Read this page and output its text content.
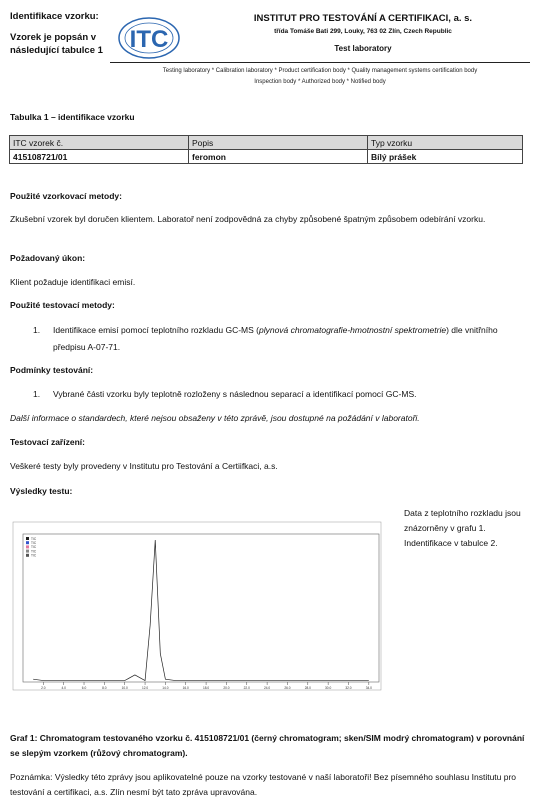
Identifikace vzorku:
Vzorek je popsán v následující tabulce 1	ITC
INSTITUT PRO TESTOVÁNÍ A CERTIFIKACI, a. s.
třída Tomáše Bati 299, Louky, 763 02 Zlín, Czech Republic
Test laboratory
Testing laboratory * Calibration laboratory * Product certification body * Quality management systems certification body
Inspection body * Authorized body * Notified body
Tabulka 1 – identifikace vzorku
ITC vzorek č.	Popis	Typ vzorku
415108721/01	feromon	Bílý prášek
Použité vzorkovací metody:
Zkušební vzorek byl doručen klientem. Laboratoř není zodpovědná za chyby způsobené špatným způsobem odebírání vzorku.
Požadovaný úkon:
Klient požaduje identifikaci emisí.
Použité testovací metody:
1. Identifikace emisí pomocí teplotního rozkladu GC-MS (plynová chromatografie-hmotnostní spektrometrie) dle vnitřního předpisu A-07-71.
Podmínky testování:
1. Vybrané části vzorku byly teplotně rozloženy s následnou separací a identifikací pomocí GC-MS.
Další informace o standardech, které nejsou obsaženy v této zprávě, jsou dostupné na požádání v laboratoři.
Testovací zařízení:
Veškeré testy byly provedeny v Institutu pro Testování a Certiifkaci, a.s.
Výsledky testu:
TIC
TIC
TIC
TIC
TIC
2.0	4.0	6.0	8.0	10.0	12.0	14.0	16.0	18.0	20.0	22.0	24.0	26.0	28.0	30.0	32.0	34.0
Data z teplotního rozkladu jsou znázorněny v grafu 1. Indentifikace v tabulce 2.
Graf 1: Chromatogram testovaného vzorku č. 415108721/01 (černý chromatogram; sken/SIM modrý chromatogram) v porovnání se slepým vzorkem (růžový chromatogram).
Poznámka: Výsledky této zprávy jsou aplikovatelné pouze na vzorky testované v naší laboratoři! Bez písemného souhlasu Institutu pro testování a certifikaci, a.s. Zlín nesmí být tato zpráva upravována.
